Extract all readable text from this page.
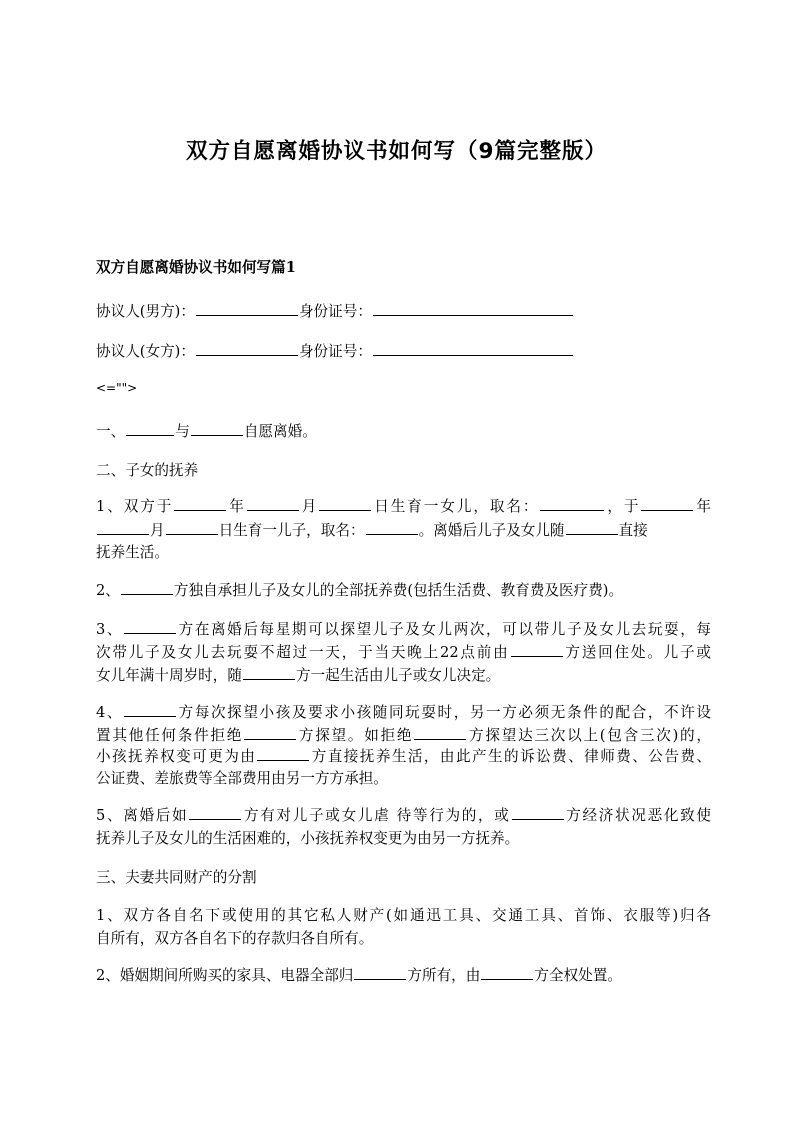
双方自愿离婚协议书如何写（9篇完整版）
双方自愿离婚协议书如何写篇1
协议人(男方)：	身份证号：
协议人(女方)：	身份证号：
<="">
一、	与	自愿离婚。
二、子女的抚养
1、双方于	年	月	日生育一女儿，取名：	，于	年
月	日生育一儿子，取名：	。离婚后儿子及女儿随	直接
抚养生活。
2、	方独自承担儿子及女儿的全部抚养费(包括生活费、教育费及医疗费)。
3、	方在离婚后每星期可以探望儿子及女儿两次，可以带儿子及女儿去玩耍，每
次带儿子及女儿去玩耍不超过一天，于当天晚上22点前由	方送回住处。儿子或
女儿年满十周岁时，随	方一起生活由儿子或女儿决定。
4、	方每次探望小孩及要求小孩随同玩耍时，另一方必须无条件的配合，不许设
置其他任何条件拒绝	方探望。如拒绝	方探望达三次以上(包含三次)的，
小孩抚养权变可更为由	方直接抚养生活，由此产生的诉讼费、律师费、公告费、
公证费、差旅费等全部费用由另一方方承担。
5、离婚后如	方有对儿子或女儿虐 待等行为的，或	方经济状况恶化致使
抚养儿子及女儿的生活困难的，小孩抚养权变更为由另一方抚养。
三、夫妻共同财产的分割
1、双方各自名下或使用的其它私人财产(如通迅工具、交通工具、首饰、衣服等)归各
自所有，双方各自名下的存款归各自所有。
2、婚姻期间所购买的家具、电器全部归	方所有，由	方全权处置。
